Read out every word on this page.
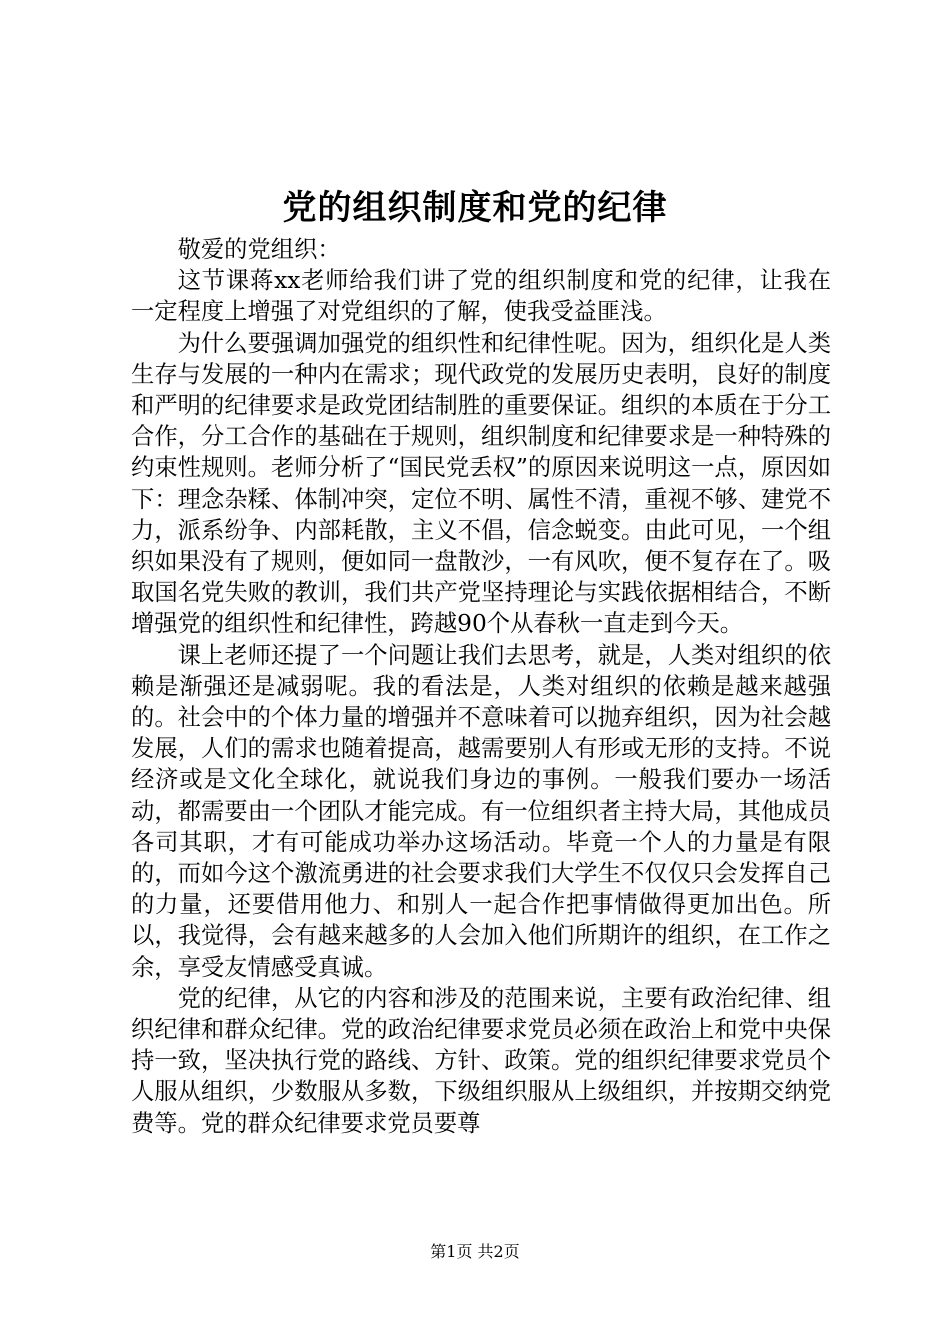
党的组织制度和党的纪律

敬爱的党组织：

这节课蒋xx老师给我们讲了党的组织制度和党的纪律，让我在一定程度上增强了对党组织的了解，使我受益匪浅。

为什么要强调加强党的组织性和纪律性呢。因为，组织化是人类生存与发展的一种内在需求；现代政党的发展历史表明，良好的制度和严明的纪律要求是政党团结制胜的重要保证。组织的本质在于分工合作，分工合作的基础在于规则，组织制度和纪律要求是一种特殊的约束性规则。老师分析了“国民党丢权”的原因来说明这一点，原因如下：理念杂糅、体制冲突，定位不明、属性不清，重视不够、建党不力，派系纷争、内部耗散，主义不倡，信念蜕变。由此可见，一个组织如果没有了规则，便如同一盘散沙，一有风吹，便不复存在了。吸取国名党失败的教训，我们共产党坚持理论与实践依据相结合，不断增强党的组织性和纪律性，跨越90个从春秋一直走到今天。

课上老师还提了一个问题让我们去思考，就是，人类对组织的依赖是渐强还是减弱呢。我的看法是，人类对组织的依赖是越来越强的。社会中的个体力量的增强并不意味着可以抛弃组织，因为社会越发展，人们的需求也随着提高，越需要别人有形或无形的支持。不说经济或是文化全球化，就说我们身边的事例。一般我们要办一场活动，都需要由一个团队才能完成。有一位组织者主持大局，其他成员各司其职，才有可能成功举办这场活动。毕竟一个人的力量是有限的，而如今这个激流勇进的社会要求我们大学生不仅仅只会发挥自己的力量，还要借用他力、和别人一起合作把事情做得更加出色。所以，我觉得，会有越来越多的人会加入他们所期许的组织，在工作之余，享受友情感受真诚。

党的纪律，从它的内容和涉及的范围来说，主要有政治纪律、组织纪律和群众纪律。党的政治纪律要求党员必须在政治上和党中央保持一致，坚决执行党的路线、方针、政策。党的组织纪律要求党员个人服从组织，少数服从多数，下级组织服从上级组织，并按期交纳党费等。党的群众纪律要求党员要尊

第1页 共2页
